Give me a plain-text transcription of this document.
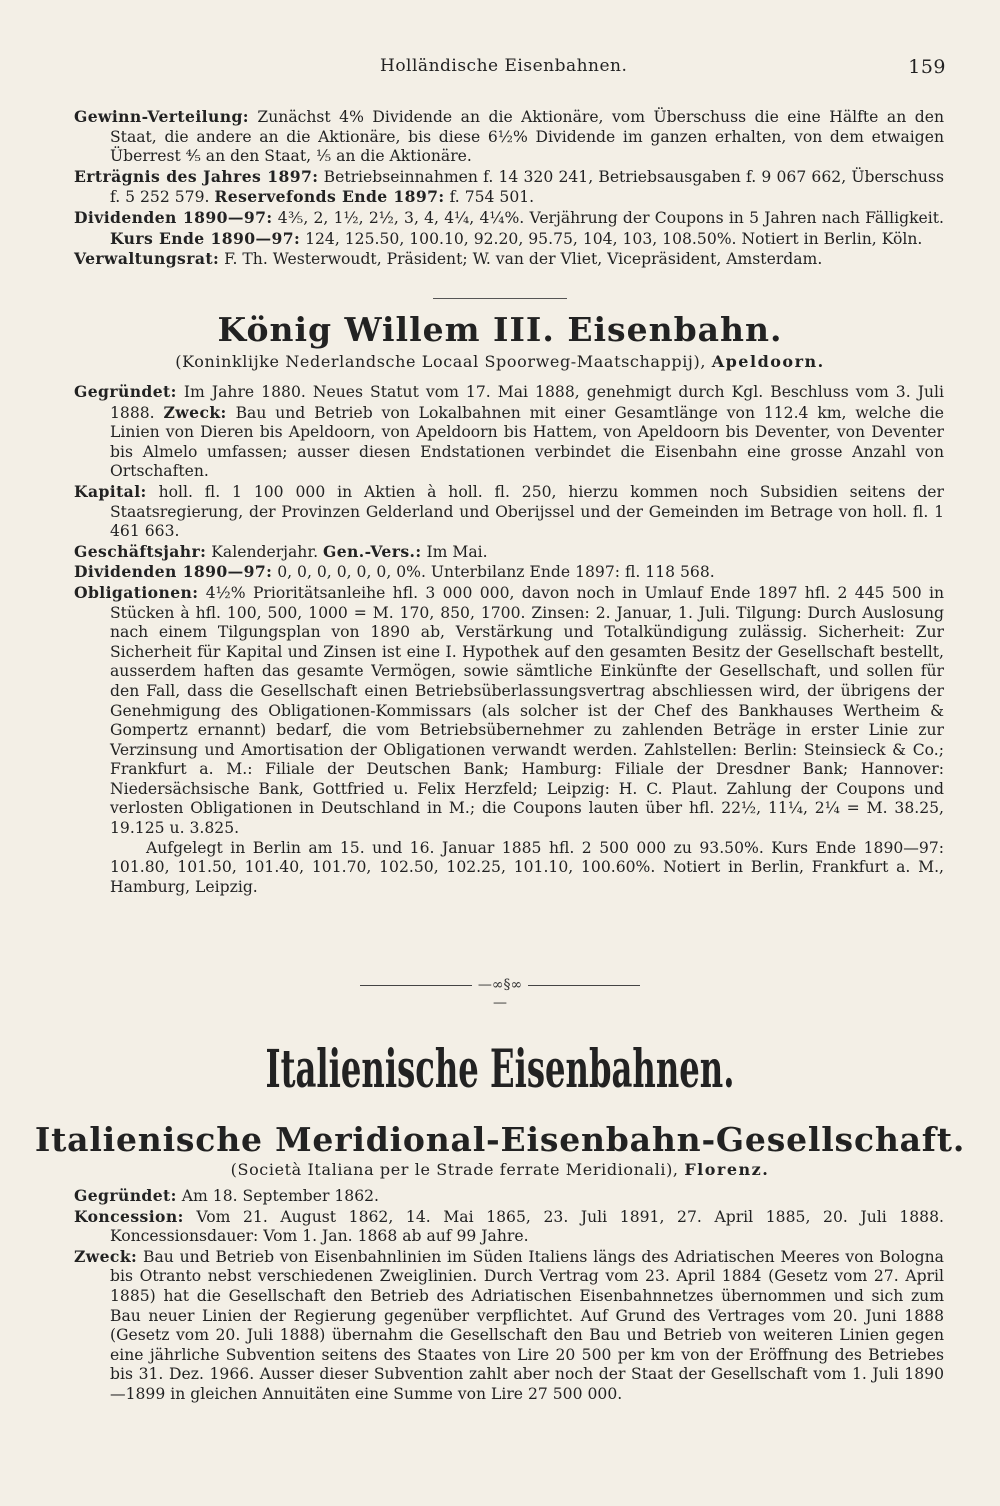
Holländische Eisenbahnen.	159

Gewinn-Verteilung: Zunächst 4% Dividende an die Aktionäre, vom Überschuss die eine Hälfte an den Staat, die andere an die Aktionäre, bis diese 6½% Dividende im ganzen erhalten, von dem etwaigen Überrest ⁴⁄₅ an den Staat, ⅕ an die Aktionäre.

Erträgnis des Jahres 1897: Betriebseinnahmen f. 14 320 241, Betriebsausgaben f. 9 067 662, Überschuss f. 5 252 579. Reservefonds Ende 1897: f. 754 501.

Dividenden 1890—97: 4⅗, 2, 1½, 2½, 3, 4, 4¼, 4¼%. Verjährung der Coupons in 5 Jahren nach Fälligkeit. Kurs Ende 1890—97: 124, 125.50, 100.10, 92.20, 95.75, 104, 103, 108.50%. Notiert in Berlin, Köln.

Verwaltungsrat: F. Th. Westerwoudt, Präsident; W. van der Vliet, Vicepräsident, Amsterdam.

König Willem III. Eisenbahn.
(Koninklijke Nederlandsche Locaal Spoorweg-Maatschappij), Apeldoorn.

Gegründet: Im Jahre 1880. Neues Statut vom 17. Mai 1888, genehmigt durch Kgl. Beschluss vom 3. Juli 1888. Zweck: Bau und Betrieb von Lokalbahnen mit einer Gesamtlänge von 112.4 km, welche die Linien von Dieren bis Apeldoorn, von Apeldoorn bis Hattem, von Apeldoorn bis Deventer, von Deventer bis Almelo umfassen; ausser diesen Endstationen verbindet die Eisenbahn eine grosse Anzahl von Ortschaften.

Kapital: holl. fl. 1 100 000 in Aktien à holl. fl. 250, hierzu kommen noch Subsidien seitens der Staatsregierung, der Provinzen Gelderland und Oberijssel und der Gemeinden im Betrage von holl. fl. 1 461 663.

Geschäftsjahr: Kalenderjahr. Gen.-Vers.: Im Mai.

Dividenden 1890—97: 0, 0, 0, 0, 0, 0, 0%. Unterbilanz Ende 1897: fl. 118 568.

Obligationen: 4½% Prioritätsanleihe hfl. 3 000 000, davon noch in Umlauf Ende 1897 hfl. 2 445 500 in Stücken à hfl. 100, 500, 1000 = M. 170, 850, 1700. Zinsen: 2. Januar, 1. Juli. Tilgung: Durch Auslosung nach einem Tilgungsplan von 1890 ab, Verstärkung und Totalkündigung zulässig. Sicherheit: Zur Sicherheit für Kapital und Zinsen ist eine I. Hypothek auf den gesamten Besitz der Gesellschaft bestellt, ausserdem haften das gesamte Vermögen, sowie sämtliche Einkünfte der Gesellschaft, und sollen für den Fall, dass die Gesellschaft einen Betriebsüberlassungsvertrag abschliessen wird, der übrigens der Genehmigung des Obligationen-Kommissars (als solcher ist der Chef des Bankhauses Wertheim & Gompertz ernannt) bedarf, die vom Betriebsübernehmer zu zahlenden Beträge in erster Linie zur Verzinsung und Amortisation der Obligationen verwandt werden. Zahlstellen: Berlin: Steinsieck & Co.; Frankfurt a. M.: Filiale der Deutschen Bank; Hamburg: Filiale der Dresdner Bank; Hannover: Niedersächsische Bank, Gottfried u. Felix Herzfeld; Leipzig: H. C. Plaut. Zahlung der Coupons und verlosten Obligationen in Deutschland in M.; die Coupons lauten über hfl. 22½, 11¼, 2¼ = M. 38.25, 19.125 u. 3.825.

Aufgelegt in Berlin am 15. und 16. Januar 1885 hfl. 2 500 000 zu 93.50%. Kurs Ende 1890—97: 101.80, 101.50, 101.40, 101.70, 102.50, 102.25, 101.10, 100.60%. Notiert in Berlin, Frankfurt a. M., Hamburg, Leipzig.

—∞§∞—
Italienische Eisenbahnen.
Italienische Meridional-Eisenbahn-Gesellschaft.
(Società Italiana per le Strade ferrate Meridionali), Florenz.

Gegründet: Am 18. September 1862.

Koncession: Vom 21. August 1862, 14. Mai 1865, 23. Juli 1891, 27. April 1885, 20. Juli 1888. Koncessionsdauer: Vom 1. Jan. 1868 ab auf 99 Jahre.

Zweck: Bau und Betrieb von Eisenbahnlinien im Süden Italiens längs des Adriatischen Meeres von Bologna bis Otranto nebst verschiedenen Zweiglinien. Durch Vertrag vom 23. April 1884 (Gesetz vom 27. April 1885) hat die Gesellschaft den Betrieb des Adriatischen Eisenbahnnetzes übernommen und sich zum Bau neuer Linien der Regierung gegenüber verpflichtet. Auf Grund des Vertrages vom 20. Juni 1888 (Gesetz vom 20. Juli 1888) übernahm die Gesellschaft den Bau und Betrieb von weiteren Linien gegen eine jährliche Subvention seitens des Staates von Lire 20 500 per km von der Eröffnung des Betriebes bis 31. Dez. 1966. Ausser dieser Subvention zahlt aber noch der Staat der Gesellschaft vom 1. Juli 1890—1899 in gleichen Annuitäten eine Summe von Lire 27 500 000.
